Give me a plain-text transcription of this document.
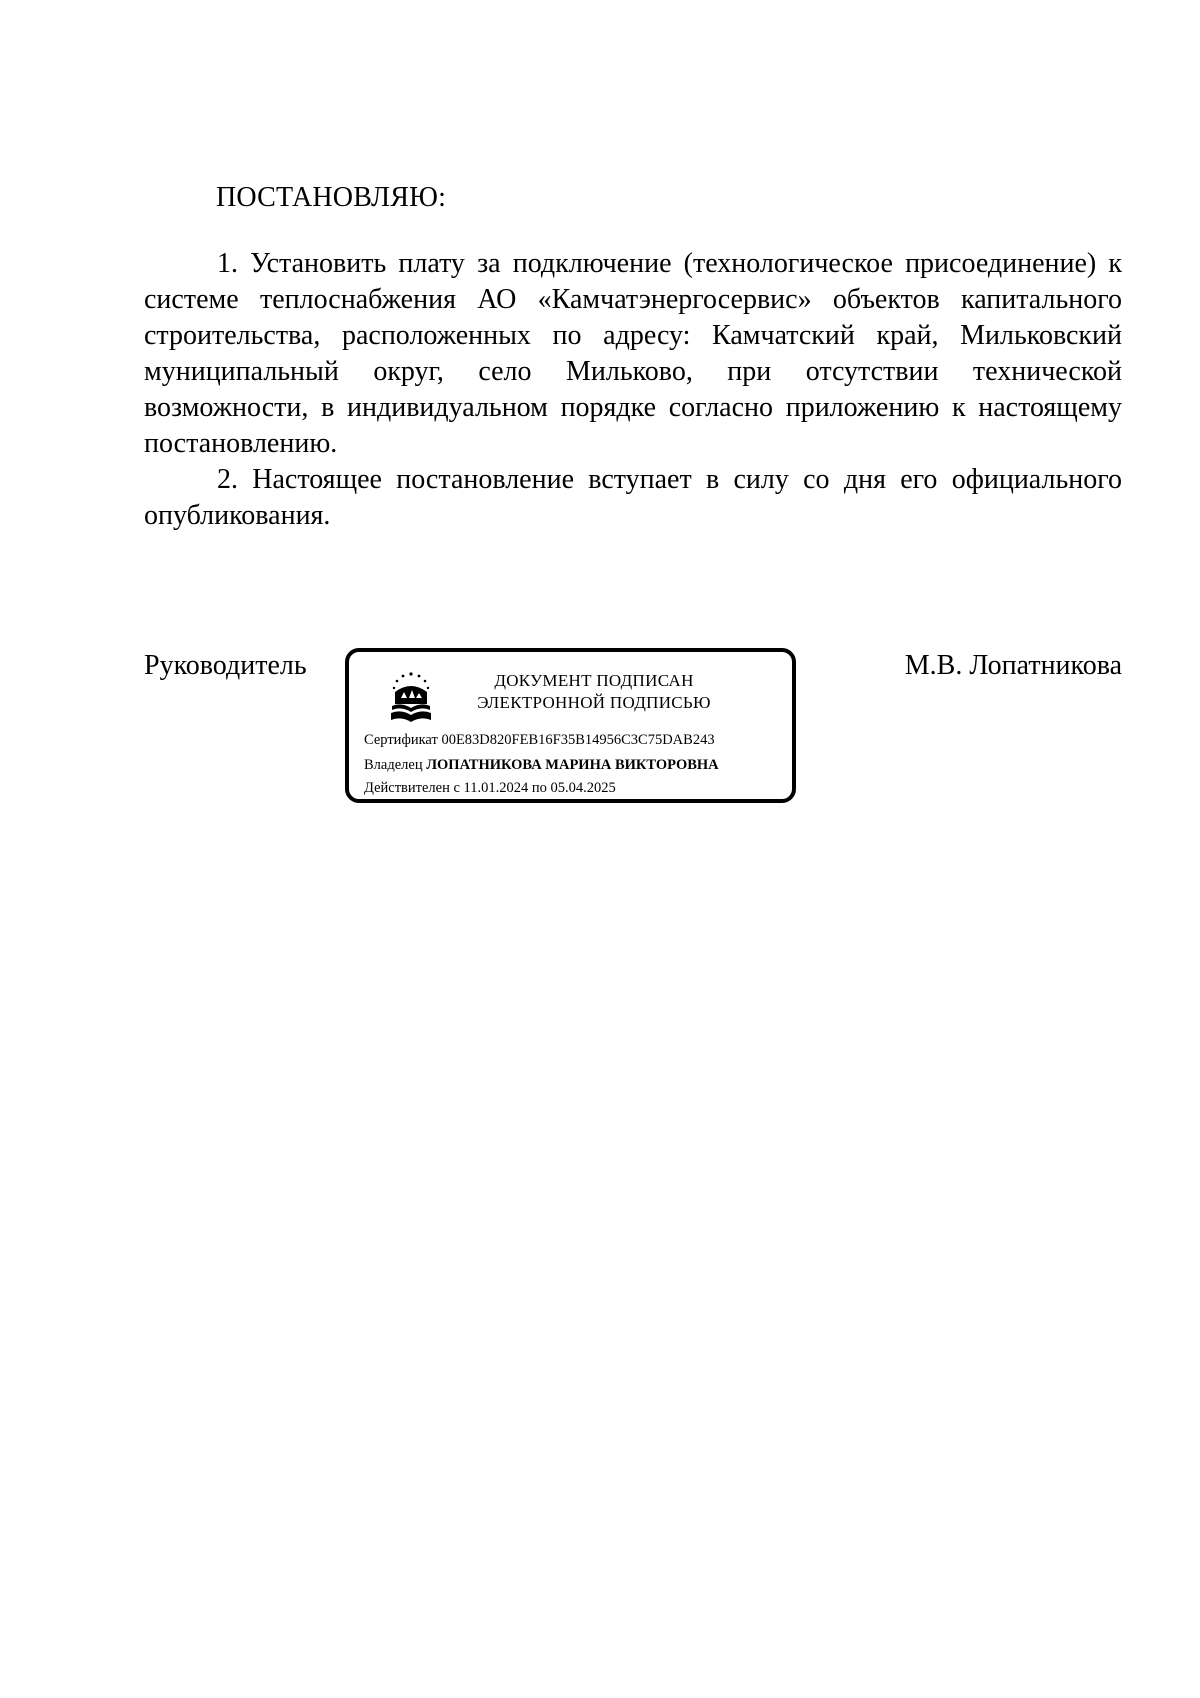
ПОСТАНОВЛЯЮ:

1. Установить плату за подключение (технологическое присоединение) к системе теплоснабжения АО «Камчатэнергосервис» объектов капитального строительства, расположенных по адресу: Камчатский край, Мильковский муниципальный округ, село Мильково, при отсутствии технической возможности, в индивидуальном порядке согласно приложению к настоящему постановлению.

2. Настоящее постановление вступает в силу со дня его официального опубликования.

Руководитель	ДОКУМЕНТ ПОДПИСАН
ЭЛЕКТРОННОЙ ПОДПИСЬЮ
Сертификат 00E83D820FEB16F35B14956C3C75DAB243
Владелец ЛОПАТНИКОВА МАРИНА ВИКТОРОВНА
Действителен с 11.01.2024 по 05.04.2025
М.В. Лопатникова
